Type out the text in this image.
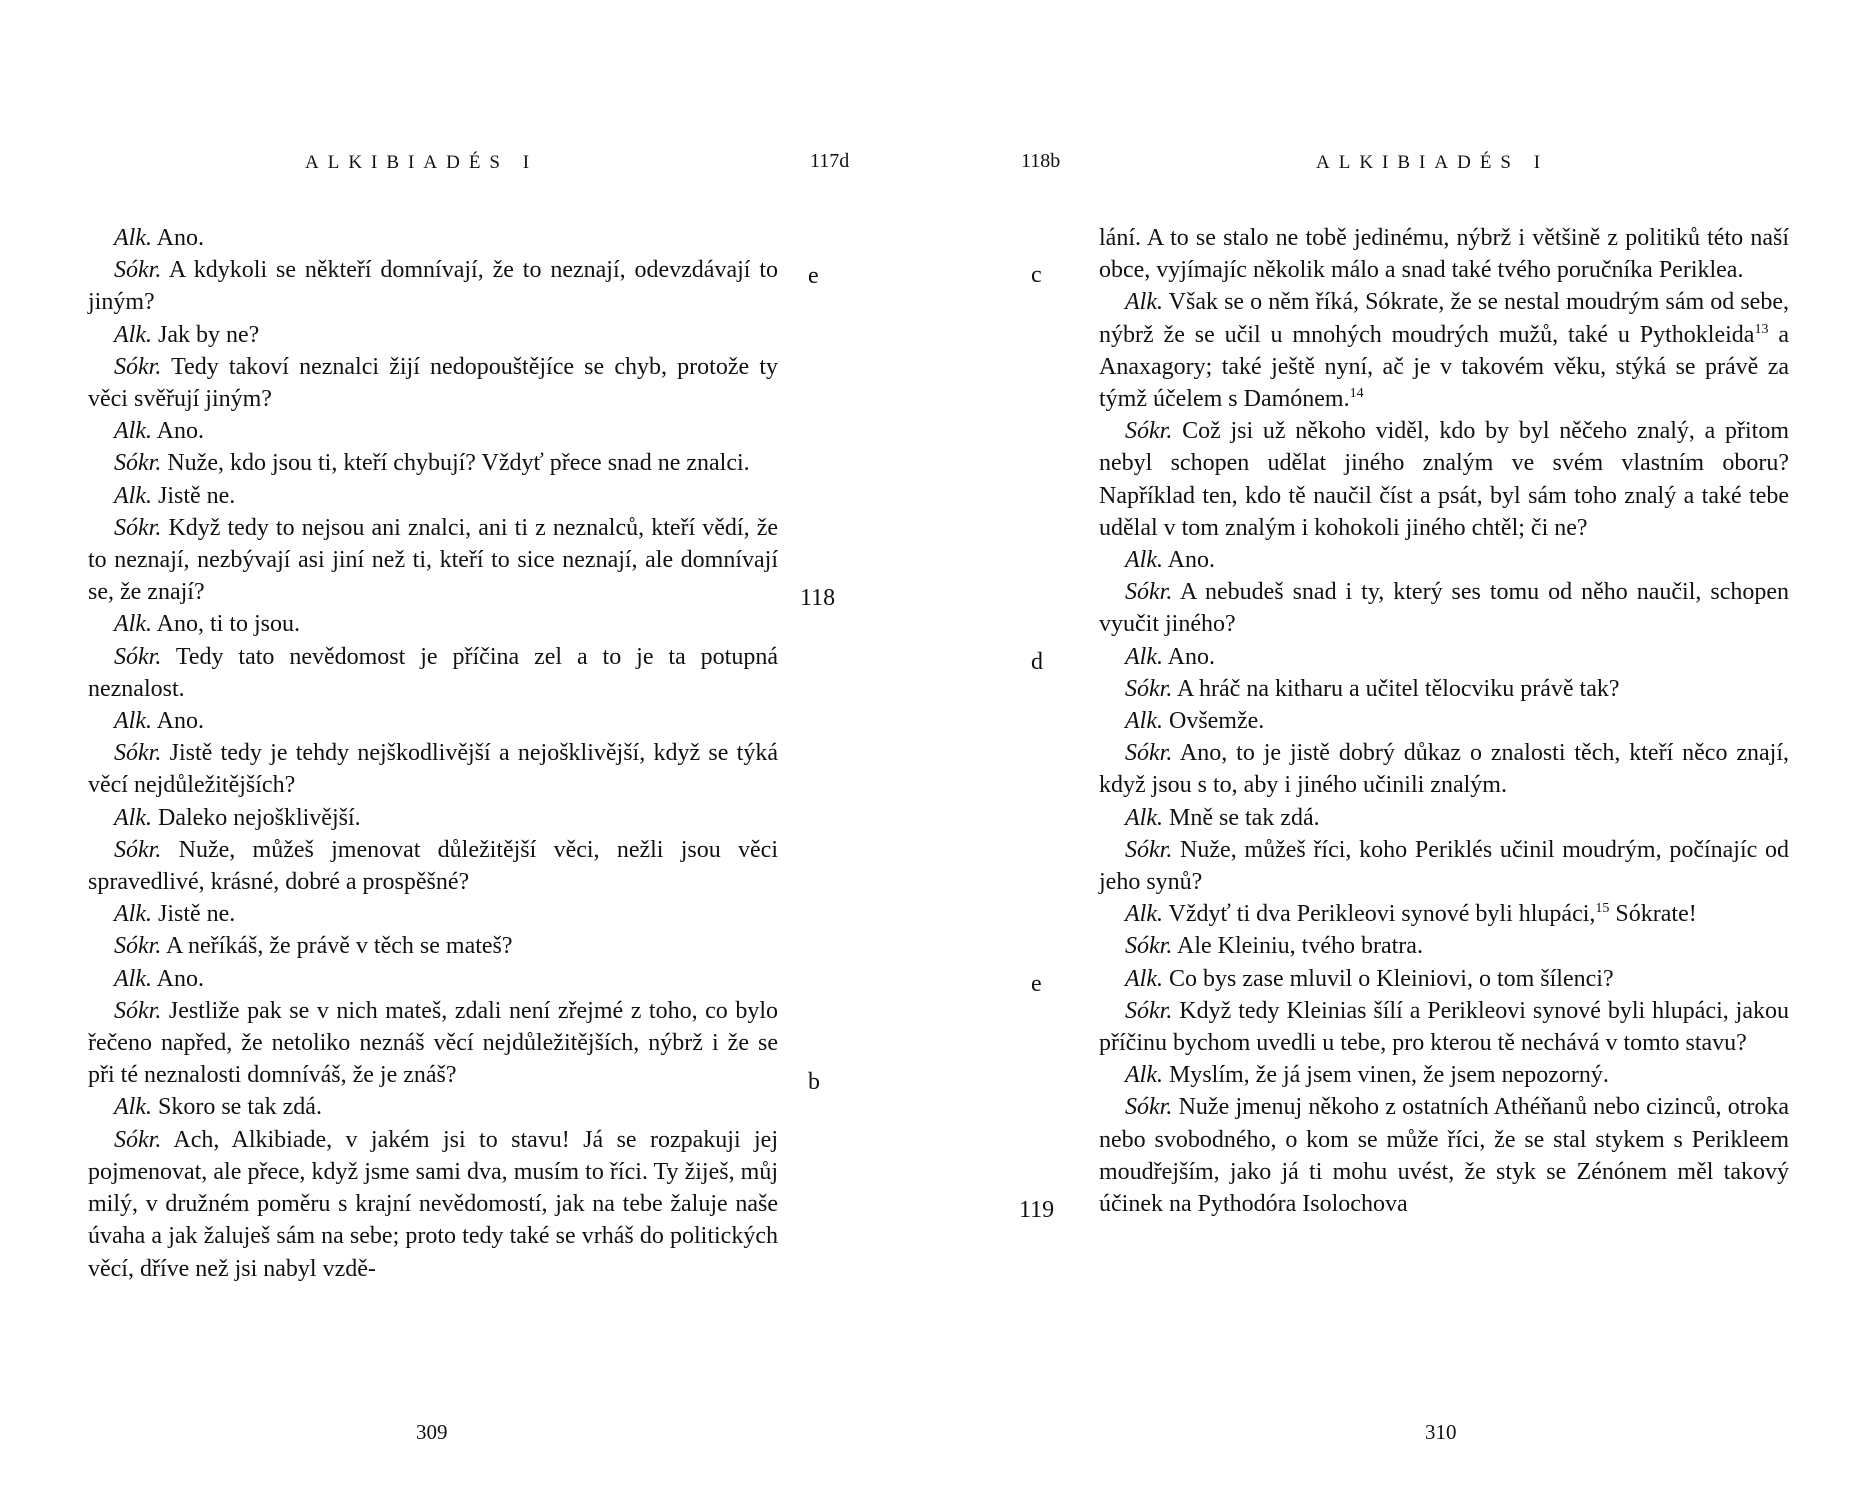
ALKIBIADÉS I	117d

Alk. Ano.

Sókr. A kdykoli se někteří domnívají, že to neznají, odevzdávají to jiným?

Alk. Jak by ne?

Sókr. Tedy takoví neznalci žijí nedopouštějíce se chyb, protože ty věci svěřují jiným?

Alk. Ano.

Sókr. Nuže, kdo jsou ti, kteří chybují? Vždyť přece snad ne znalci.

Alk. Jistě ne.

Sókr. Když tedy to nejsou ani znalci, ani ti z neznalců, kteří vědí, že to neznají, nezbývají asi jiní než ti, kteří to sice neznají, ale domnívají se, že znají?

Alk. Ano, ti to jsou.

Sókr. Tedy tato nevědomost je příčina zel a to je ta potupná neznalost.

Alk. Ano.

Sókr. Jistě tedy je tehdy nejškodlivější a nejošklivější, když se týká věcí nejdůležitějších?

Alk. Daleko nejošklivější.

Sókr. Nuže, můžeš jmenovat důležitější věci, nežli jsou věci spravedlivé, krásné, dobré a prospěšné?

Alk. Jistě ne.

Sókr. A neříkáš, že právě v těch se mateš?

Alk. Ano.

Sókr. Jestliže pak se v nich mateš, zdali není zřejmé z toho, co bylo řečeno napřed, že netoliko neznáš věcí nejdůležitějších, nýbrž i že se při té neznalosti domníváš, že je znáš?

Alk. Skoro se tak zdá.

Sókr. Ach, Alkibiade, v jakém jsi to stavu! Já se rozpakuji jej pojmenovat, ale přece, když jsme sami dva, musím to říci. Ty žiješ, můj milý, v družném poměru s krajní nevědomostí, jak na tebe žaluje naše úvaha a jak žaluješ sám na sebe; proto tedy také se vrháš do politických věcí, dříve než jsi nabyl vzdě-

e
118
b
309
118b	ALKIBIADÉS I

lání. A to se stalo ne tobě jedinému, nýbrž i většině z politiků této naší obce, vyjímajíc několik málo a snad také tvého poručníka Periklea.

Alk. Však se o něm říká, Sókrate, že se nestal moudrým sám od sebe, nýbrž že se učil u mnohých moudrých mužů, také u Pythokleida$^{13}$ a Anaxagory; také ještě nyní, ač je v takovém věku, stýká se právě za týmž účelem s Damónem.$^{14}$

Sókr. Což jsi už někoho viděl, kdo by byl něčeho znalý, a přitom nebyl schopen udělat jiného znalým ve svém vlastním oboru? Například ten, kdo tě naučil číst a psát, byl sám toho znalý a také tebe udělal v tom znalým i kohokoli jiného chtěl; či ne?

Alk. Ano.

Sókr. A nebudeš snad i ty, který ses tomu od něho naučil, schopen vyučit jiného?

Alk. Ano.

Sókr. A hráč na kitharu a učitel tělocviku právě tak?

Alk. Ovšemže.

Sókr. Ano, to je jistě dobrý důkaz o znalosti těch, kteří něco znají, když jsou s to, aby i jiného učinili znalým.

Alk. Mně se tak zdá.

Sókr. Nuže, můžeš říci, koho Periklés učinil moudrým, počínajíc od jeho synů?

Alk. Vždyť ti dva Perikleovi synové byli hlupáci,$^{15}$ Sókrate!

Sókr. Ale Kleiniu, tvého bratra.

Alk. Co bys zase mluvil o Kleiniovi, o tom šílenci?

Sókr. Když tedy Kleinias šílí a Perikleovi synové byli hlupáci, jakou příčinu bychom uvedli u tebe, pro kterou tě nechává v tomto stavu?

Alk. Myslím, že já jsem vinen, že jsem nepozorný.

Sókr. Nuže jmenuj někoho z ostatních Athéňanů nebo cizinců, otroka nebo svobodného, o kom se může říci, že se stal stykem s Perikleem moudřejším, jako já ti mohu uvést, že styk se Zénónem měl takový účinek na Pythodóra Isolochova

c
d
e
119
310
